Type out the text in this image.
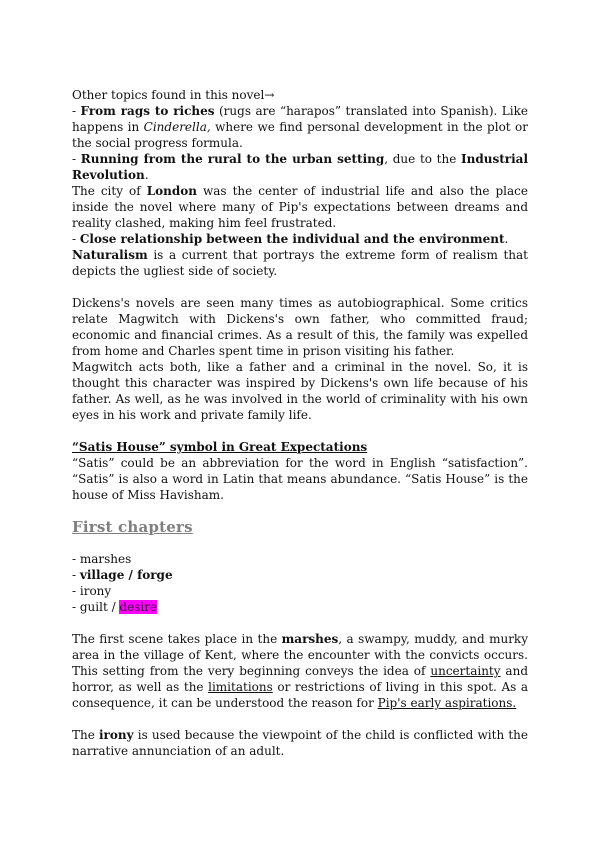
Other topics found in this novel→

- From rags to riches (rugs are “harapos” translated into Spanish). Like happens in Cinderella, where we find personal development in the plot or the social progress formula.

- Running from the rural to the urban setting, due to the Industrial Revolution.

The city of London was the center of industrial life and also the place inside the novel where many of Pip's expectations between dreams and reality clashed, making him feel frustrated.

- Close relationship between the individual and the environment.

Naturalism is a current that portrays the extreme form of realism that depicts the ugliest side of society.

Dickens's novels are seen many times as autobiographical. Some critics relate Magwitch with Dickens's own father, who committed fraud; economic and financial crimes. As a result of this, the family was expelled from home and Charles spent time in prison visiting his father.

Magwitch acts both, like a father and a criminal in the novel. So, it is thought this character was inspired by Dickens's own life because of his father. As well, as he was involved in the world of criminality with his own eyes in his work and private family life.

“Satis House” symbol in Great Expectations

“Satis” could be an abbreviation for the word in English “satisfaction”. “Satis” is also a word in Latin that means abundance. “Satis House” is the house of Miss Havisham.

First chapters
- marshes
- village / forge
- irony
- guilt / desire

The first scene takes place in the marshes, a swampy, muddy, and murky area in the village of Kent, where the encounter with the convicts occurs. This setting from the very beginning conveys the idea of uncertainty and horror, as well as the limitations or restrictions of living in this spot. As a consequence, it can be understood the reason for Pip's early aspirations.

The irony is used because the viewpoint of the child is conflicted with the narrative annunciation of an adult.
